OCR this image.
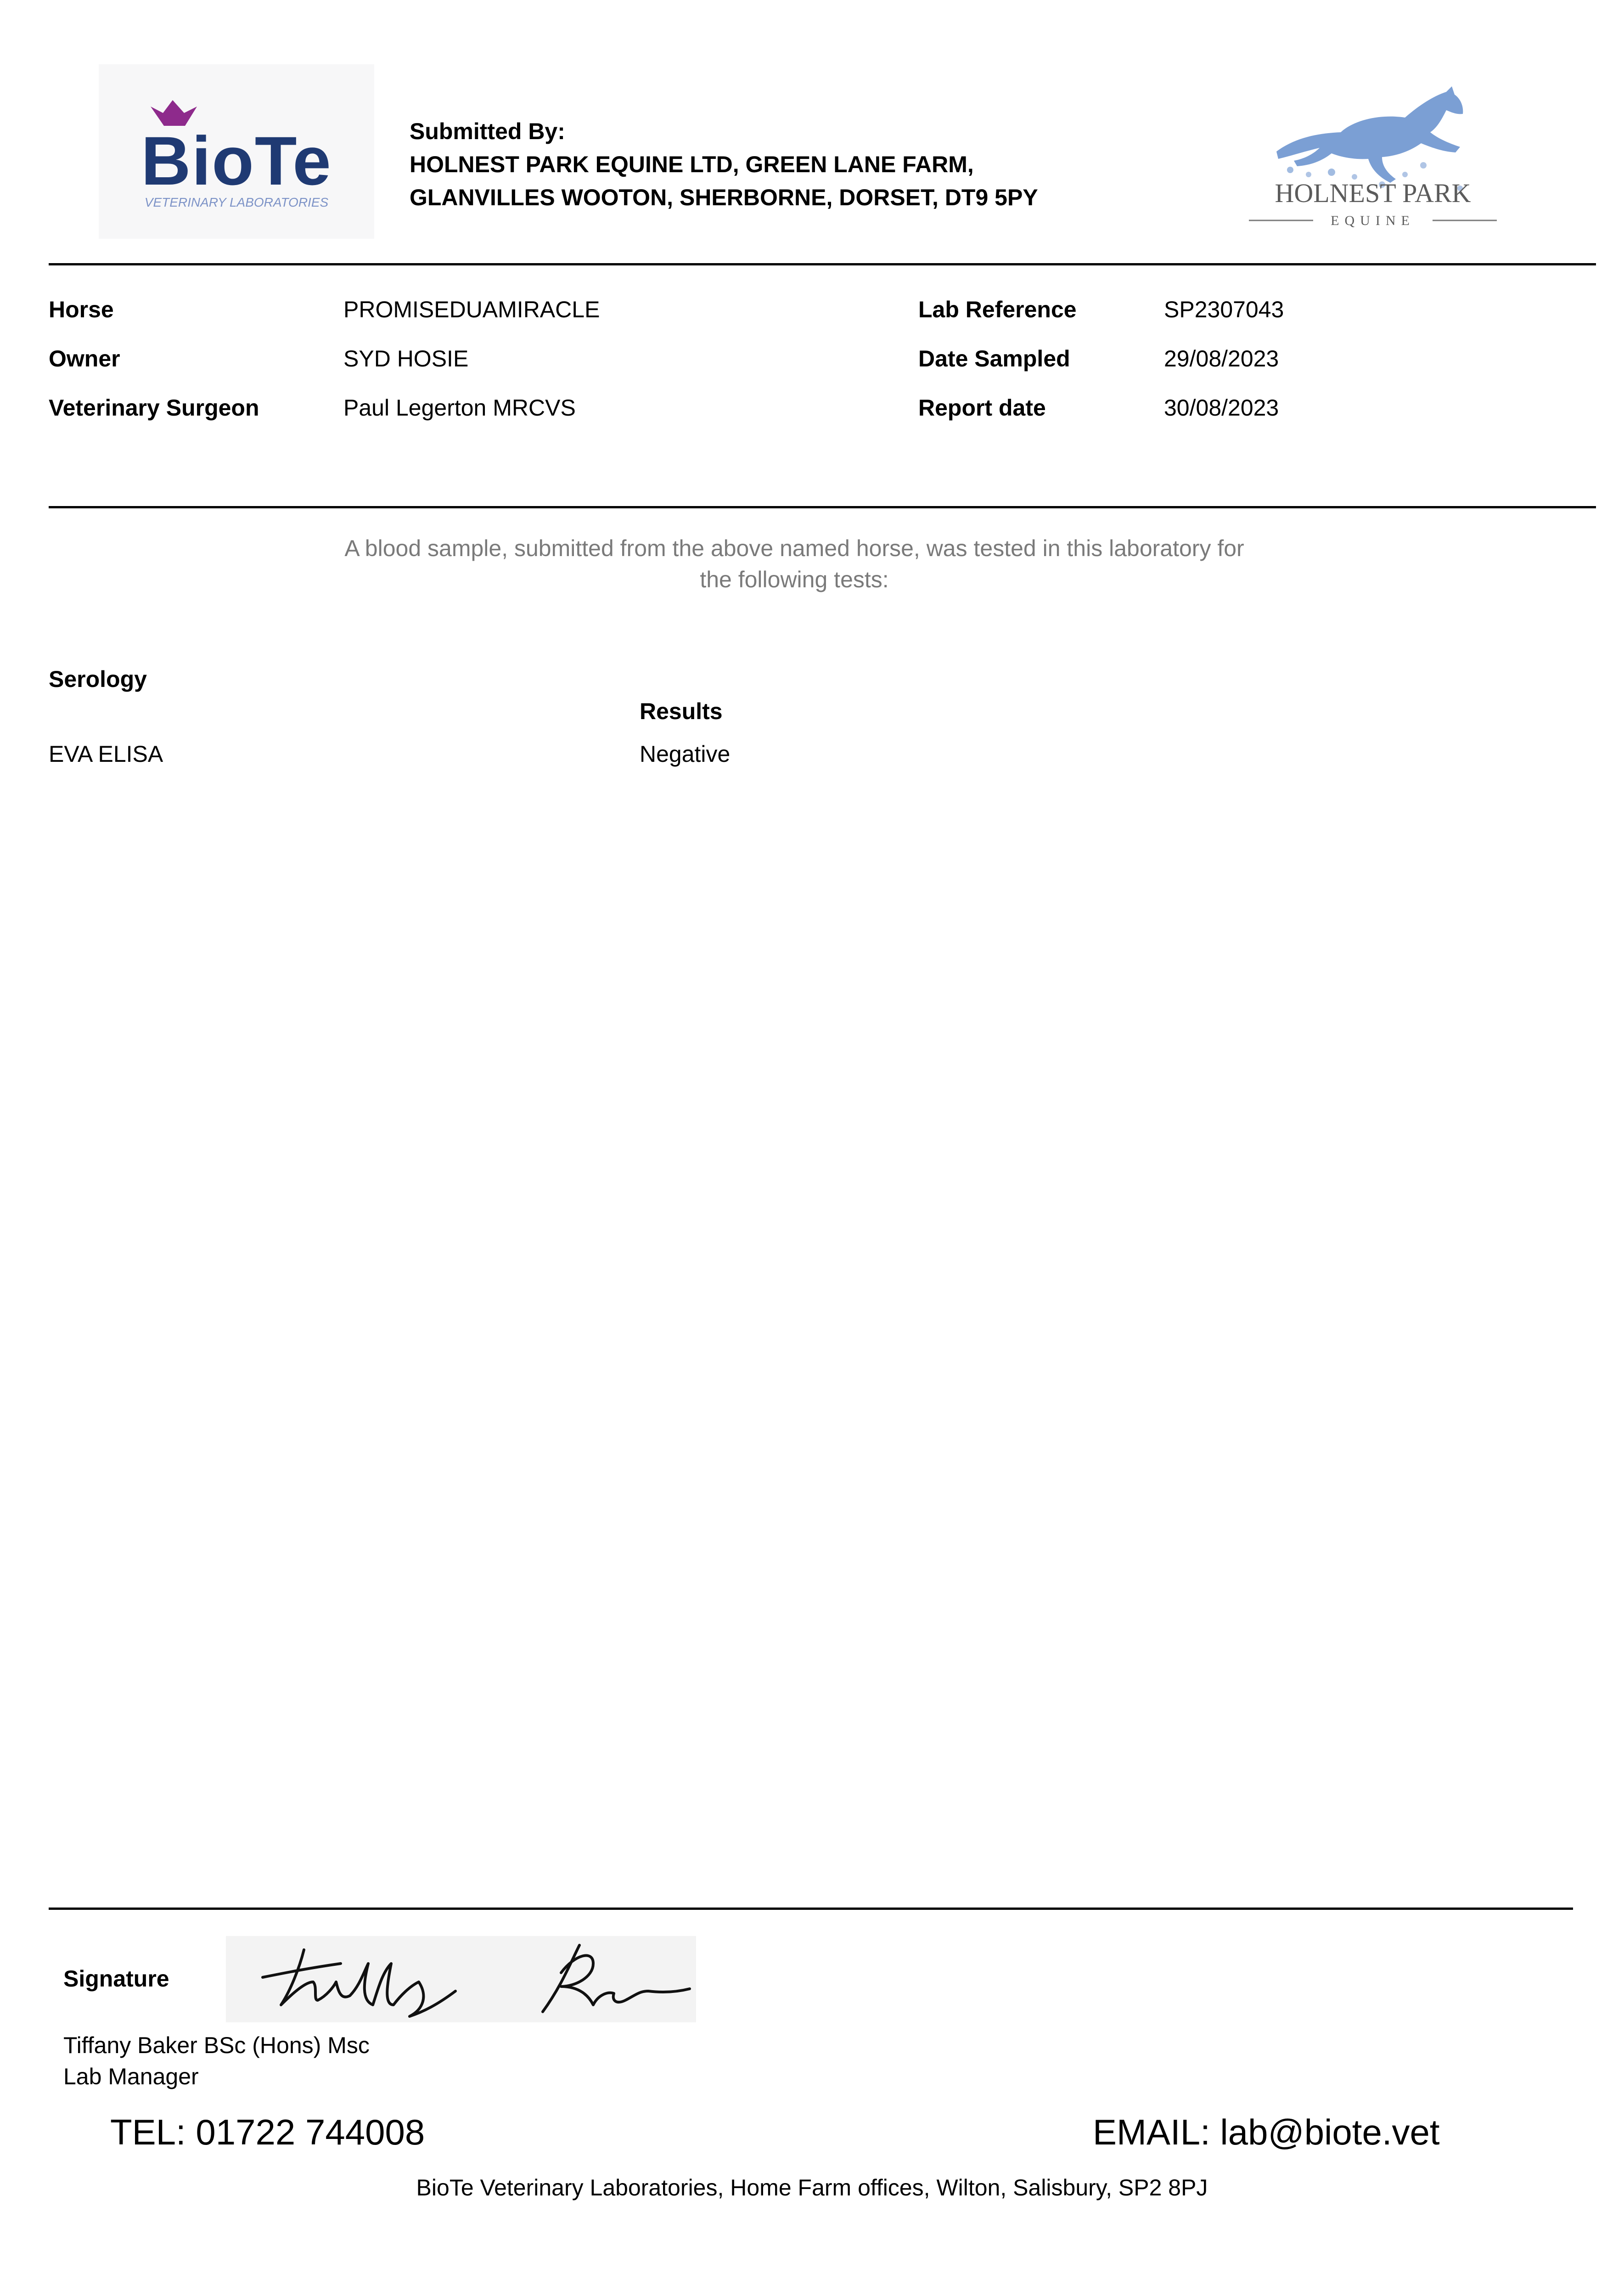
BioTe
VETERINARY LABORATORIES
Submitted By:
HOLNEST PARK EQUINE LTD, GREEN LANE FARM,
GLANVILLES WOOTON, SHERBORNE, DORSET, DT9 5PY	HOLNEST PARK
EQUINE
Horse	PROMISEDUAMIRACLE	Lab Reference	SP2307043
Owner	SYD HOSIE	Date Sampled	29/08/2023
Veterinary Surgeon	Paul Legerton MRCVS	Report date	30/08/2023
A blood sample, submitted from the above named horse, was tested in this laboratory for
the following tests:
Serology
Results
EVA ELISA	Negative
Signature
Tiffany Baker BSc (Hons) Msc
Lab Manager
TEL: 01722 744008	EMAIL: lab@biote.vet
BioTe Veterinary Laboratories, Home Farm offices, Wilton, Salisbury, SP2 8PJ
